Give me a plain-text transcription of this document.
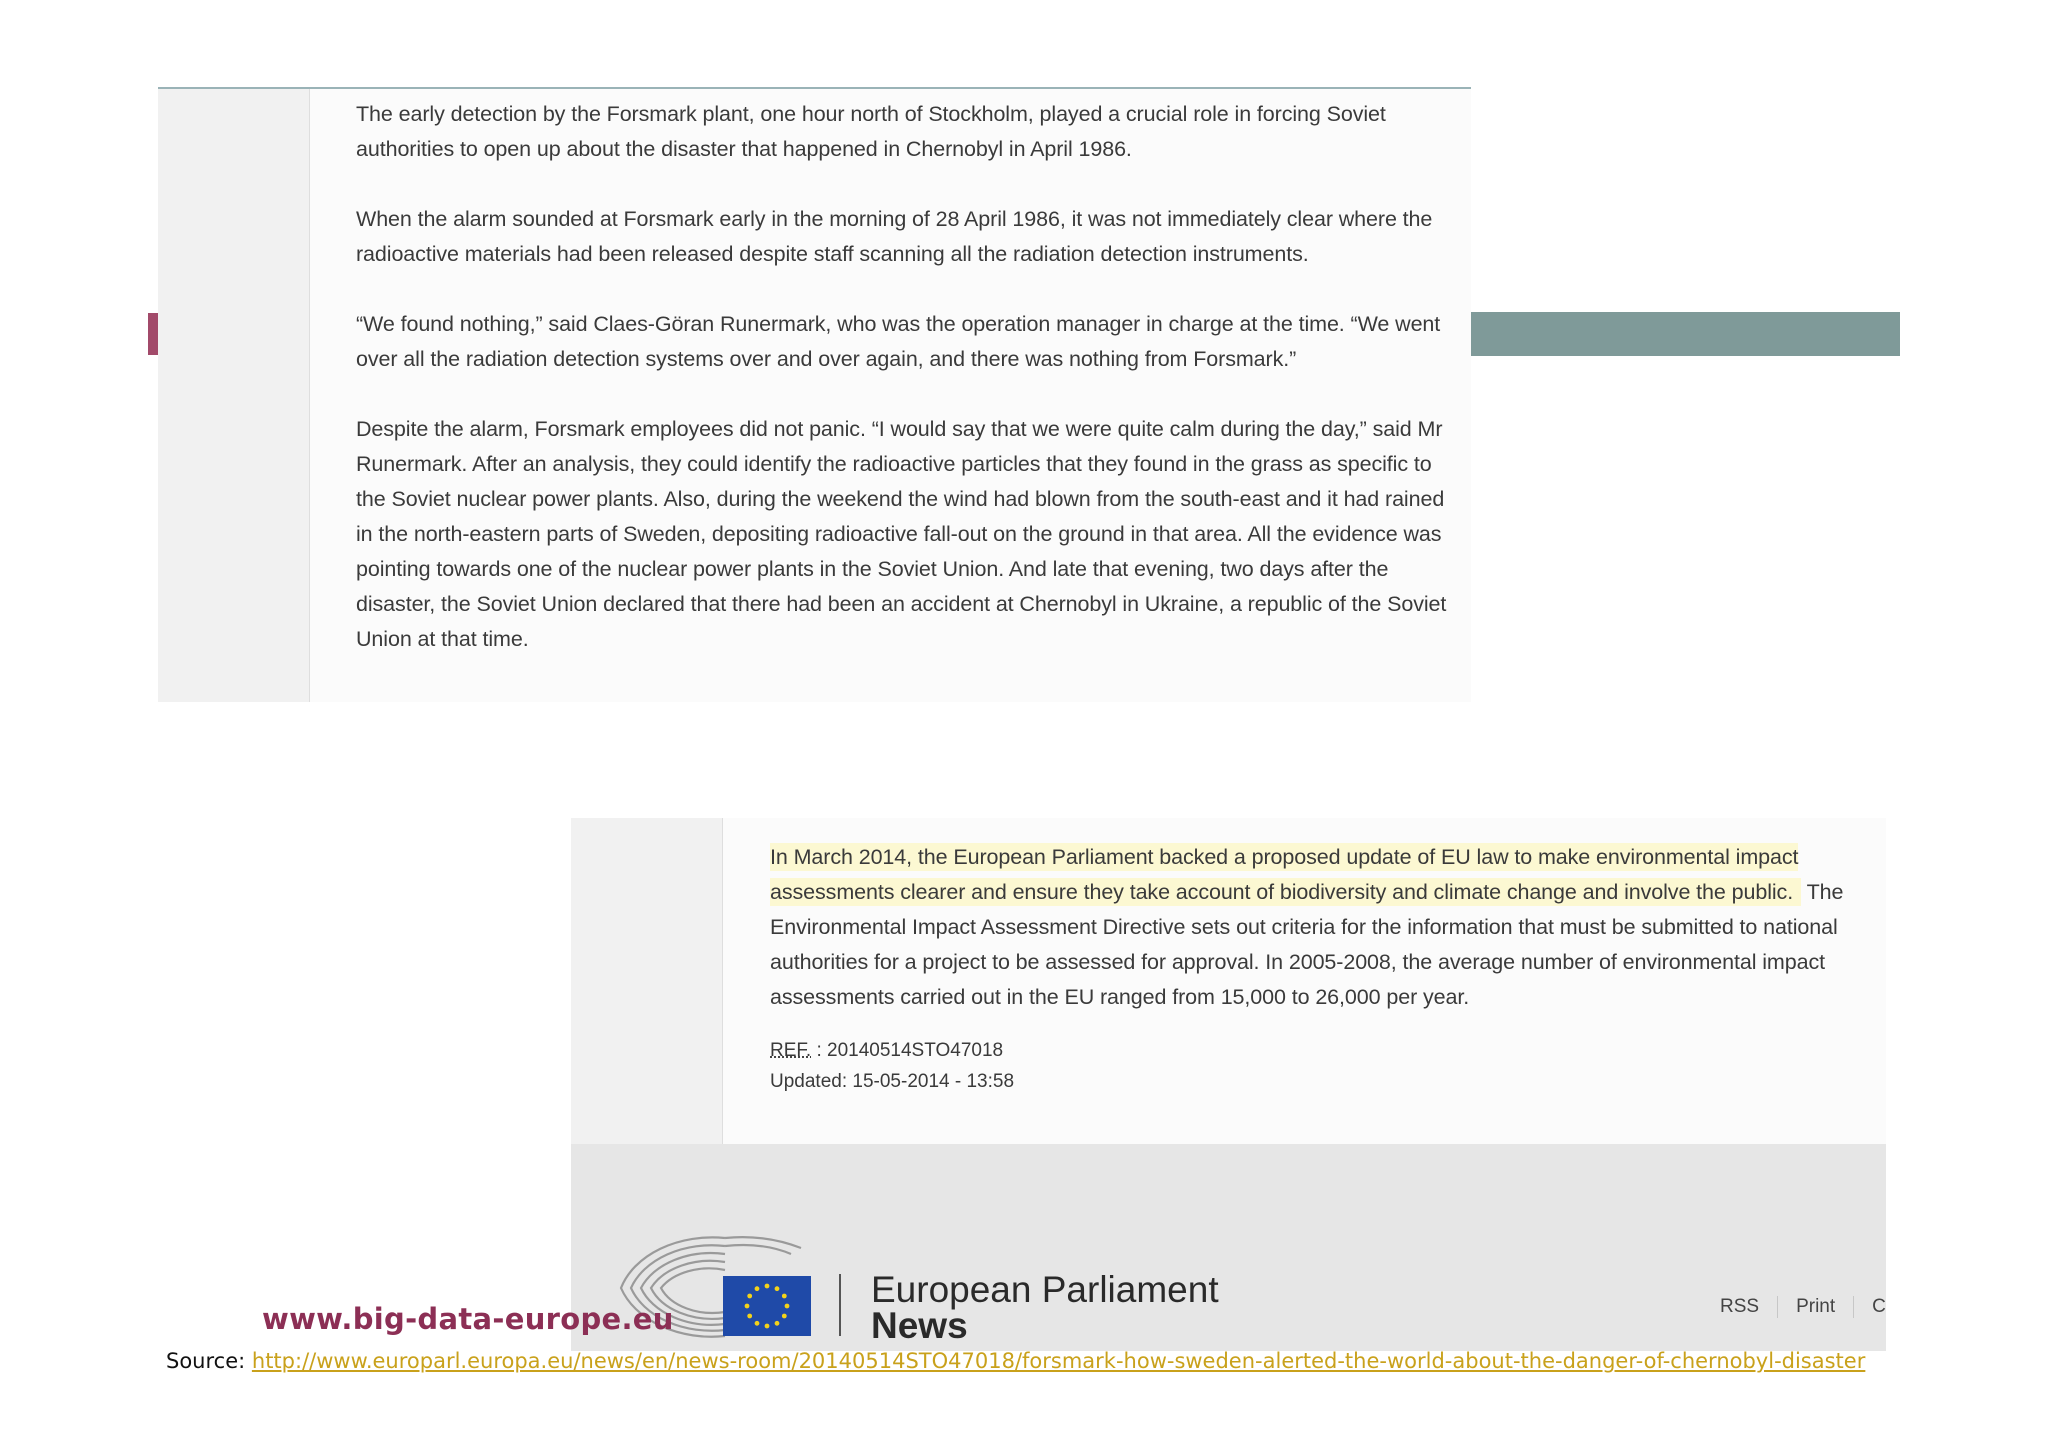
The early detection by the Forsmark plant, one hour north of Stockholm, played a crucial role in forcing Soviet authorities to open up about the disaster that happened in Chernobyl in April 1986.

When the alarm sounded at Forsmark early in the morning of 28 April 1986, it was not immediately clear where the radioactive materials had been released despite staff scanning all the radiation detection instruments.

“We found nothing,” said Claes-Göran Runermark, who was the operation manager in charge at the time. “We went over all the radiation detection systems over and over again, and there was nothing from Forsmark.”

Despite the alarm, Forsmark employees did not panic. “I would say that we were quite calm during the day,” said Mr Runermark. After an analysis, they could identify the radioactive particles that they found in the grass as specific to the Soviet nuclear power plants. Also, during the weekend the wind had blown from the south-east and it had rained in the north-eastern parts of Sweden, depositing radioactive fall-out on the ground in that area. All the evidence was pointing towards one of the nuclear power plants in the Soviet Union. And late that evening, two days after the disaster, the Soviet Union declared that there had been an accident at Chernobyl in Ukraine, a republic of the Soviet Union at that time.

In March 2014, the European Parliament backed a proposed update of EU law to make environmental impact assessments clearer and ensure they take account of biodiversity and climate change and involve the public. The Environmental Impact Assessment Directive sets out criteria for the information that must be submitted to national authorities for a project to be assessed for approval. In 2005-2008, the average number of environmental impact assessments carried out in the EU ranged from 15,000 to 26,000 per year.

REF. : 20140514STO47018
Updated: 15-05-2014 - 13:58
European Parliament
News	RSS Print C
www.big-data-europe.eu
Source: http://www.europarl.europa.eu/news/en/news-room/20140514STO47018/forsmark-how-sweden-alerted-the-world-about-the-danger-of-chernobyl-disaster
